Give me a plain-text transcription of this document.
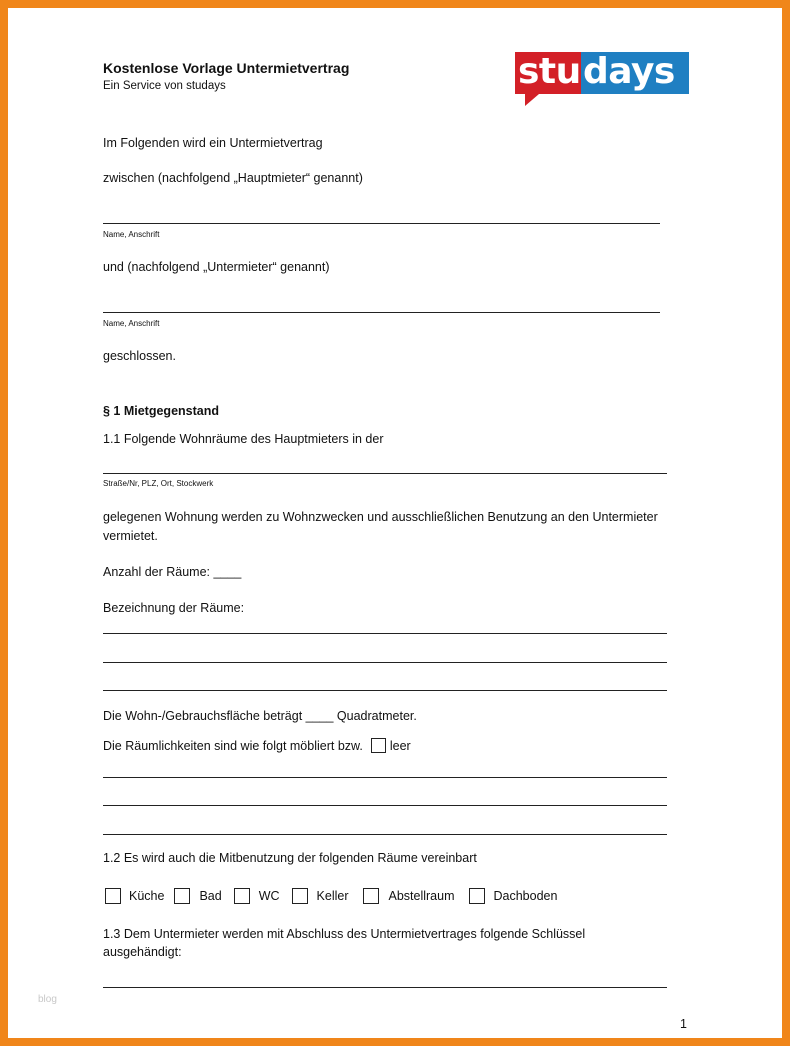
Kostenlose Vorlage Untermietvertrag
Ein Service von studays	stu days
Im Folgenden wird ein Untermietvertrag
zwischen (nachfolgend „Hauptmieter“ genannt)
Name, Anschrift
und (nachfolgend „Untermieter“ genannt)
Name, Anschrift
geschlossen.
§ 1 Mietgegenstand
1.1 Folgende Wohnräume des Hauptmieters in der
Straße/Nr, PLZ, Ort, Stockwerk
gelegenen Wohnung werden zu Wohnzwecken und ausschließlichen Benutzung an den Untermieter
vermietet.
Anzahl der Räume: ____
Bezeichnung der Räume:
Die Wohn-/Gebrauchsfläche beträgt ____ Quadratmeter.
Die Räumlichkeiten sind wie folgt möbliert bzw. leer
1.2 Es wird auch die Mitbenutzung der folgenden Räume vereinbart
Küche	Bad	WC	Keller	Abstellraum	Dachboden
1.3 Dem Untermieter werden mit Abschluss des Untermietvertrages folgende Schlüssel
ausgehändigt:
blog
1
